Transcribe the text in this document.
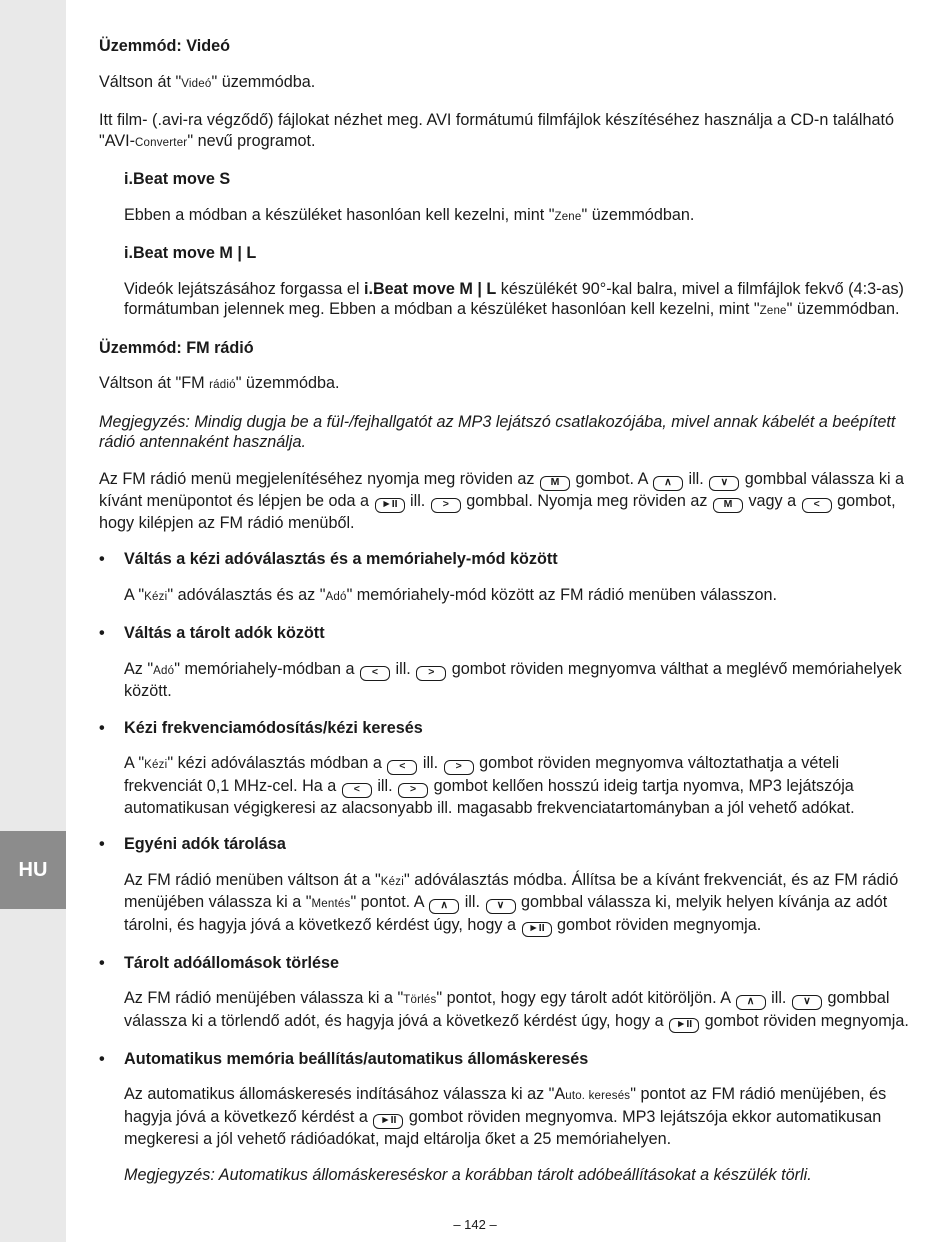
HU
Üzemmód: Videó
Váltson át "Videó" üzemmódba.
Itt film- (.avi-ra végződő) fájlokat nézhet meg. AVI formátumú filmfájlok készítéséhez használja a CD-n található "AVI-Converter" nevű programot.
i.Beat move S
Ebben a módban a készüléket hasonlóan kell kezelni, mint "Zene" üzemmódban.
i.Beat move M | L
Videók lejátszásához forgassa el i.Beat move M | L készülékét 90°-kal balra, mivel a filmfájlok fekvő (4:3-as) formátumban jelennek meg. Ebben a módban a készüléket hasonlóan kell kezelni, mint "Zene" üzemmódban.
Üzemmód: FM rádió
Váltson át "FM rádió" üzemmódba.
Megjegyzés: Mindig dugja be a fül-/fejhallgatót az MP3 lejátszó csatlakozójába, mivel annak kábelét a beépített rádió antennaként használja.
Az FM rádió menü megjelenítéséhez nyomja meg röviden az M gombot. A ∧ ill. ∨ gombbal válassza ki a kívánt menüpontot és lépjen be oda a ►II ill. > gombbal. Nyomja meg röviden az M vagy a < gombot, hogy kilépjen az FM rádió menüből.
• Váltás a kézi adóválasztás és a memóriahely-mód között
A "Kézi" adóválasztás és az "Adó" memóriahely-mód között az FM rádió menüben válasszon.
• Váltás a tárolt adók között
Az "Adó" memóriahely-módban a < ill. > gombot röviden megnyomva válthat a meglévő memóriahelyek között.
• Kézi frekvenciamódosítás/kézi keresés
A "Kézi" kézi adóválasztás módban a < ill. > gombot röviden megnyomva változtathatja a vételi frekvenciát 0,1 MHz-cel. Ha a < ill. > gombot kellően hosszú ideig tartja nyomva, MP3 lejátszója automatikusan végigkeresi az alacsonyabb ill. magasabb frekvenciatartományban a jól vehető adókat.
• Egyéni adók tárolása
Az FM rádió menüben váltson át a "Kézi" adóválasztás módba. Állítsa be a kívánt frekvenciát, és az FM rádió menüjében válassza ki a "Mentés" pontot. A ∧ ill. ∨ gombbal válassza ki, melyik helyen kívánja az adót tárolni, és hagyja jóvá a következő kérdést úgy, hogy a ►II gombot röviden megnyomja.
• Tárolt adóállomások törlése
Az FM rádió menüjében válassza ki a "Törlés" pontot, hogy egy tárolt adót kitöröljön. A ∧ ill. ∨ gombbal válassza ki a törlendő adót, és hagyja jóvá a következő kérdést úgy, hogy a ►II gombot röviden megnyomja.
• Automatikus memória beállítás/automatikus állomáskeresés
Az automatikus állomáskeresés indításához válassza ki az "Auto. keresés" pontot az FM rádió menüjében, és hagyja jóvá a következő kérdést a ►II gombot röviden megnyomva. MP3 lejátszója ekkor automatikusan megkeresi a jól vehető rádióadókat, majd eltárolja őket a 25 memóriahelyen.
Megjegyzés: Automatikus állomáskereséskor a korábban tárolt adóbeállításokat a készülék törli.
– 142 –
